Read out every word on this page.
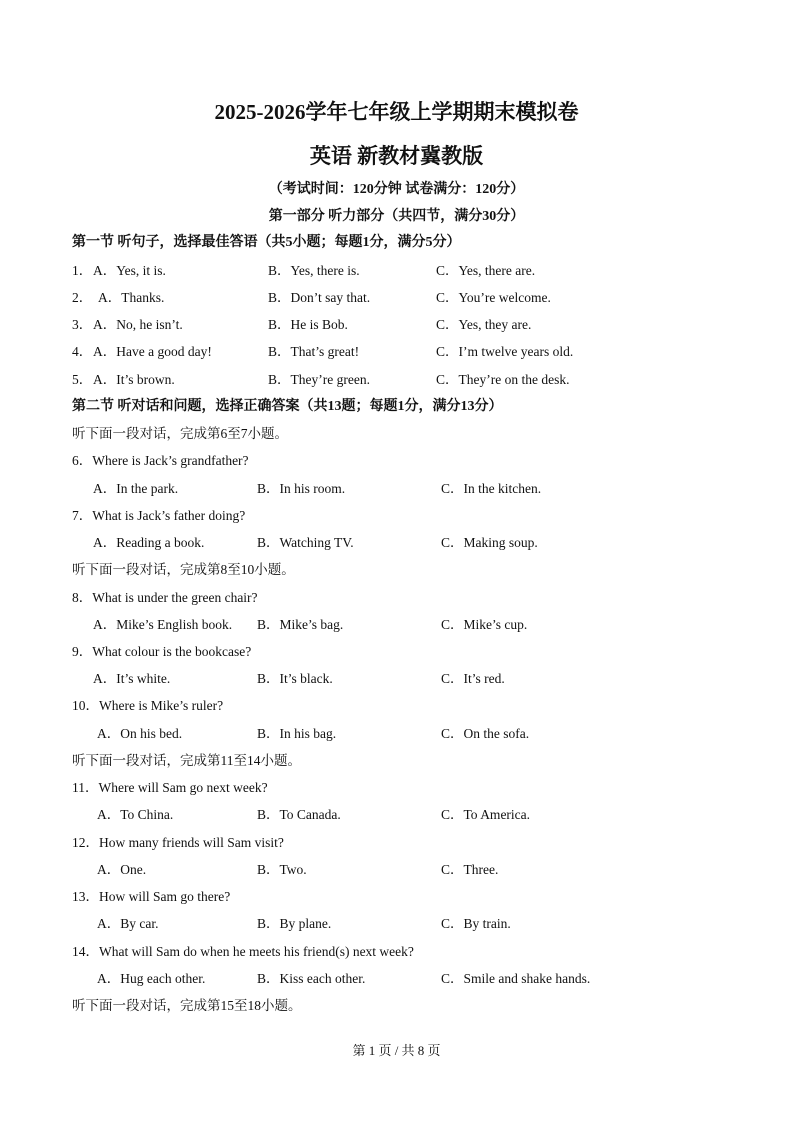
2025-2026学年七年级上学期期末模拟卷
英语 新教材冀教版
（考试时间：120分钟 试卷满分：120分）
第一部分 听力部分（共四节，满分30分）
第一节 听句子，选择最佳答语（共5小题；每题1分，满分5分）
1． A．Yes, it is.	B．Yes, there is.	C．Yes, there are.
2． A．Thanks.	B．Don’t say that.	C．You’re welcome.
3． A．No, he isn’t.	B．He is Bob.	C．Yes, they are.
4． A．Have a good day!	B．That’s great!	C．I’m twelve years old.
5． A．It’s brown.	B．They’re green.	C．They’re on the desk.
第二节 听对话和问题，选择正确答案（共13题；每题1分，满分13分）
听下面一段对话，完成第6至7小题。
6．Where is Jack’s grandfather?
A．In the park.	B．In his room.	C．In the kitchen.
7．What is Jack’s father doing?
A．Reading a book.	B．Watching TV.	C．Making soup.
听下面一段对话，完成第8至10小题。
8．What is under the green chair?
A．Mike’s English book. B．Mike’s bag.	C．Mike’s cup.
9．What colour is the bookcase?
A．It’s white.	B．It’s black.	C．It’s red.
10．Where is Mike’s ruler?
A．On his bed.	B．In his bag.	C．On the sofa.
听下面一段对话，完成第11至14小题。
11．Where will Sam go next week?
A．To China.	B．To Canada.	C．To America.
12．How many friends will Sam visit?
A．One.	B．Two.	C．Three.
13．How will Sam go there?
A．By car.	B．By plane.	C．By train.
14．What will Sam do when he meets his friend(s) next week?
A．Hug each other.	B．Kiss each other.	C．Smile and shake hands.
听下面一段对话，完成第15至18小题。
第 1 页 / 共 8 页
